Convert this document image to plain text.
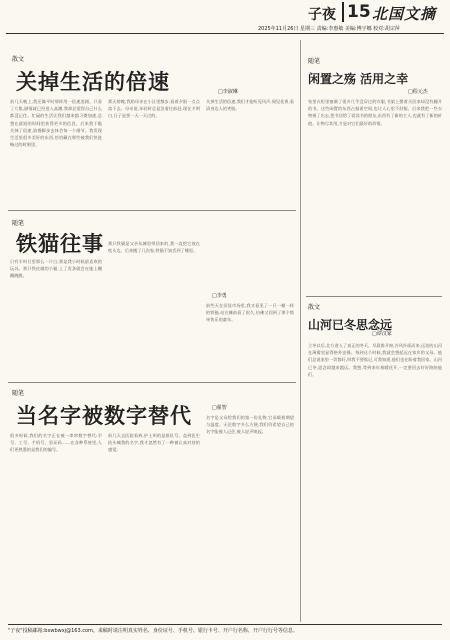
子夜 15 北国文摘
2025年11月26日 星期三 责编:李惠敏 美编:傅宇娜 校对:胡宗萍
散文
关掉生活的倍速	□李淑琳
前几天晚上,我还像平时那样用一倍速追剧。只看了几集,剧情就已经进入高潮,我却总觉得自己什么都没记住。忙碌的生活让我们越来越习惯加速,总想在最短的时间里获得更多的信息。后来我干脆关掉了倍速,放慢脚步去体会每一个细节。我发现生活里很多美好的东西,恰恰藏在那些被我们快进略过的时刻里。
那天傍晚,我陪母亲在小区里散步,看着夕阳一点点落下去。母亲说,年轻时总是急着往前赶,现在才明白,日子是要一天一天过的。
关掉生活的倍速,我们才能听见风声,闻见花香,看清身边人的笑脸。
随笔
铁猫往事
□李勇
只有半时日里那么一片白,那是我小时候最喜欢的玩具。那只铁皮做的小猫,上了发条就会在地上蹦蹦跳跳。
那只铁猫是父亲从城里带回来的,我一直把它放在枕头边。后来搬了几次家,铁猫不知丢到了哪里。
前些天在旧货市场里,我又看见了一只一模一样的铁猫,站在摊前看了很久,仿佛又回到了那个简单快乐的童年。
随笔
当名字被数字替代	□翟智
很多时候,我们的名字正在被一串串数字替代:学号、工号、手机号、验证码……在各种系统里,人们更熟悉的是我们的编号。
前几天去医院看病,护士叫的是排队号。直到医生抬头喊我的名字,我才忽然有了一种被认真对待的感觉。
名字是父母给我们的第一份礼物,它承载着期望与温度。无论数字多么方便,我们仍希望自己的名字能被人记住,被人轻声唤起。
随笔
闲置之殇 活用之幸
□程元杰
家里衣柜里塞满了很多几乎没穿过的衣服,书架上摆着买回来却没有翻开的书。这些闲置的东西占据着空间,也让人心里不舒服。后来我把一些衣物捐了出去,把书送给了爱读书的朋友,东西有了新的主人,也就有了新的价值。让物尽其用,才是对它们最好的珍惜。
散文
山河已冬思念远
□谭汉家
立冬以后,北方进入了真正的冬天。早晨推开窗,冷风扑面而来,远处的山河在薄雾里显得格外安静。每到这个时候,我就会想起远在家乡的父母。他们总说家里一切都好,叫我不要惦记,可我知道,他们也在盼着我回家。山河已冬,思念却越来越远。我想,等到来年春暖花开,一定要回去好好陪陪他们。
"子夜"投稿邮箱:bxwbwxj@163.com。来稿时请注明真实姓名、身份证号、手机号、银行卡号、开户行名称、开户行行号等信息。
